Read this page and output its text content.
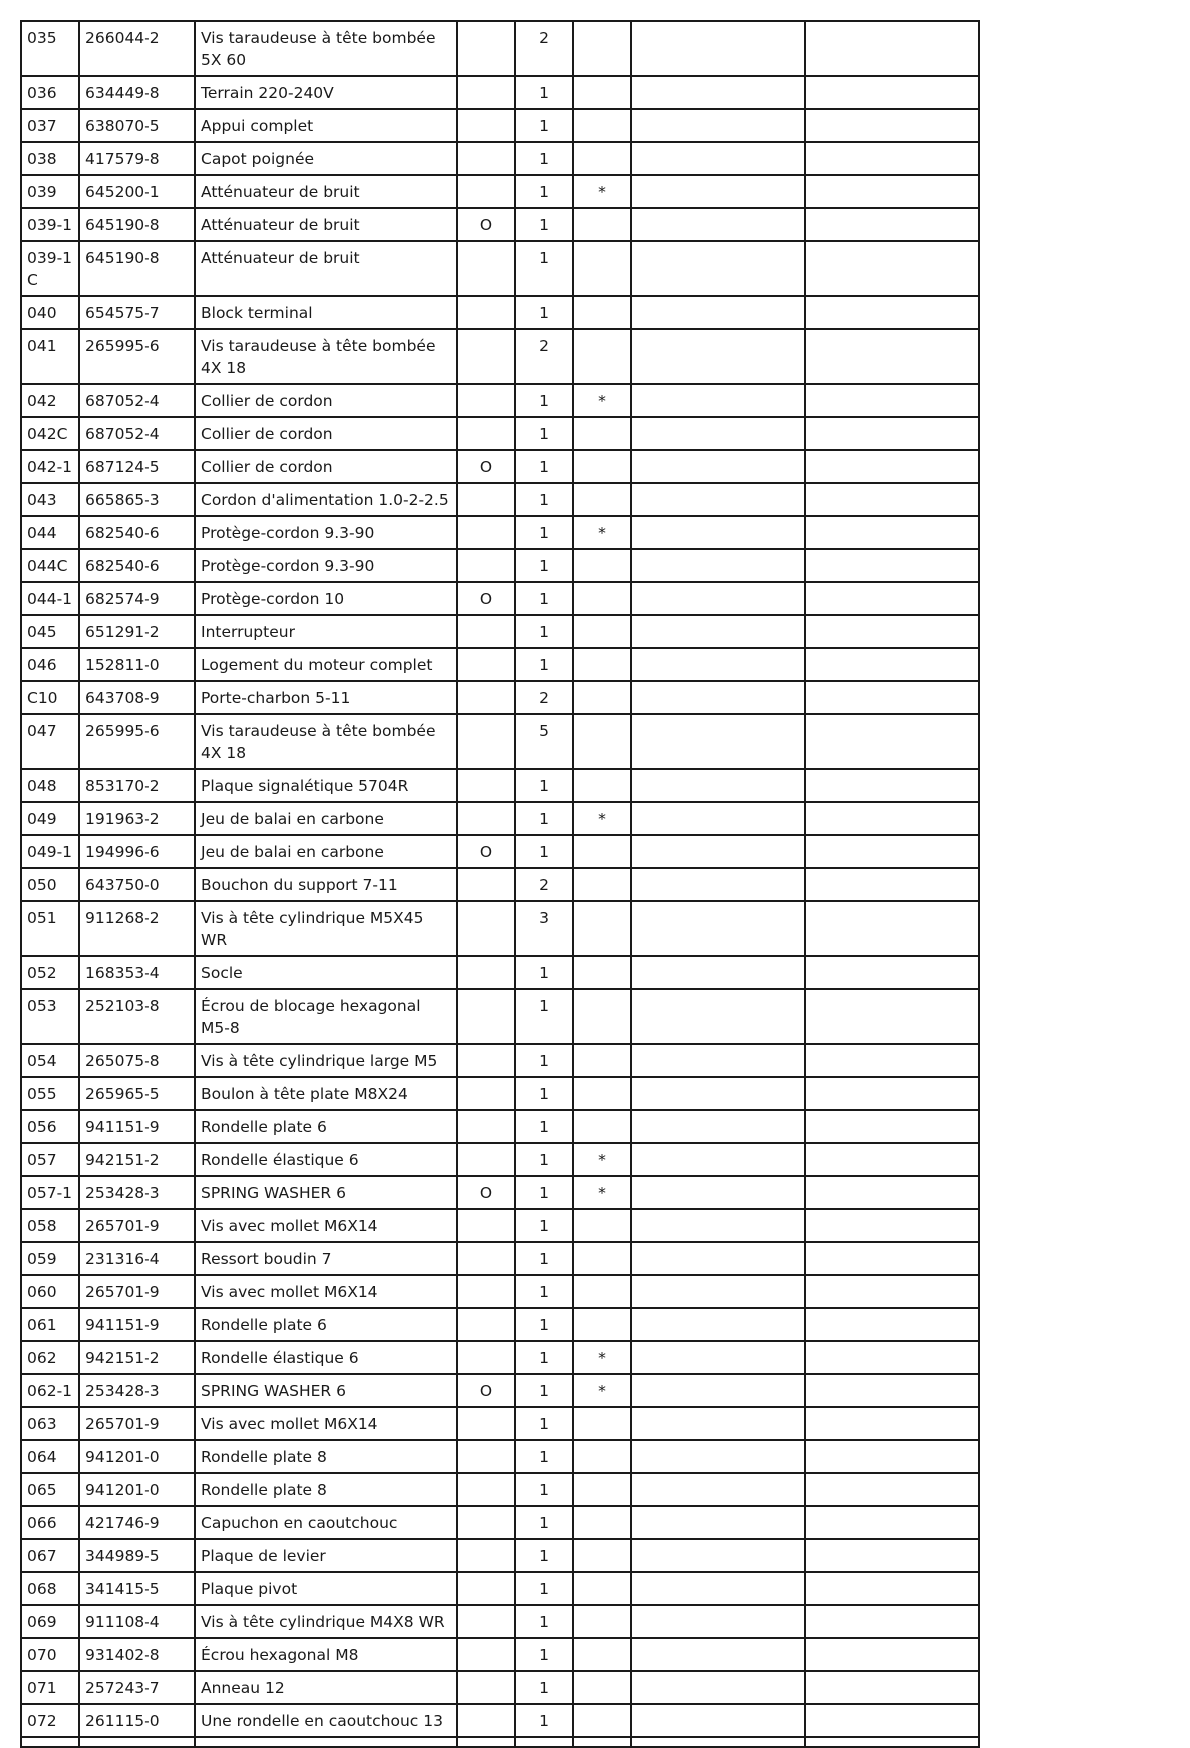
035	266044-2	Vis taraudeuse à tête bombée 5X 60		2			
036	634449-8	Terrain 220-240V		1			
037	638070-5	Appui complet		1			
038	417579-8	Capot poignée		1			
039	645200-1	Atténuateur de bruit		1	*		
039-1	645190-8	Atténuateur de bruit	O	1			
039-1 C	645190-8	Atténuateur de bruit		1			
040	654575-7	Block terminal		1			
041	265995-6	Vis taraudeuse à tête bombée 4X 18		2			
042	687052-4	Collier de cordon		1	*		
042C	687052-4	Collier de cordon		1			
042-1	687124-5	Collier de cordon	O	1			
043	665865-3	Cordon d'alimentation 1.0-2-2.5		1			
044	682540-6	Protège-cordon 9.3-90		1	*		
044C	682540-6	Protège-cordon 9.3-90		1			
044-1	682574-9	Protège-cordon 10	O	1			
045	651291-2	Interrupteur		1			
046	152811-0	Logement du moteur complet		1			
C10	643708-9	Porte-charbon 5-11		2			
047	265995-6	Vis taraudeuse à tête bombée 4X 18		5			
048	853170-2	Plaque signalétique 5704R		1			
049	191963-2	Jeu de balai en carbone		1	*		
049-1	194996-6	Jeu de balai en carbone	O	1			
050	643750-0	Bouchon du support 7-11		2			
051	911268-2	Vis à tête cylindrique M5X45 WR		3			
052	168353-4	Socle		1			
053	252103-8	Écrou de blocage hexagonal M5-8		1			
054	265075-8	Vis à tête cylindrique large M5		1			
055	265965-5	Boulon à tête plate M8X24		1			
056	941151-9	Rondelle plate 6		1			
057	942151-2	Rondelle élastique 6		1	*		
057-1	253428-3	SPRING WASHER 6	O	1	*		
058	265701-9	Vis avec mollet M6X14		1			
059	231316-4	Ressort boudin 7		1			
060	265701-9	Vis avec mollet M6X14		1			
061	941151-9	Rondelle plate 6		1			
062	942151-2	Rondelle élastique 6		1	*		
062-1	253428-3	SPRING WASHER 6	O	1	*		
063	265701-9	Vis avec mollet M6X14		1			
064	941201-0	Rondelle plate 8		1			
065	941201-0	Rondelle plate 8		1			
066	421746-9	Capuchon en caoutchouc		1			
067	344989-5	Plaque de levier		1			
068	341415-5	Plaque pivot		1			
069	911108-4	Vis à tête cylindrique M4X8 WR		1			
070	931402-8	Écrou hexagonal M8		1			
071	257243-7	Anneau 12		1			
072	261115-0	Une rondelle en caoutchouc 13		1			
